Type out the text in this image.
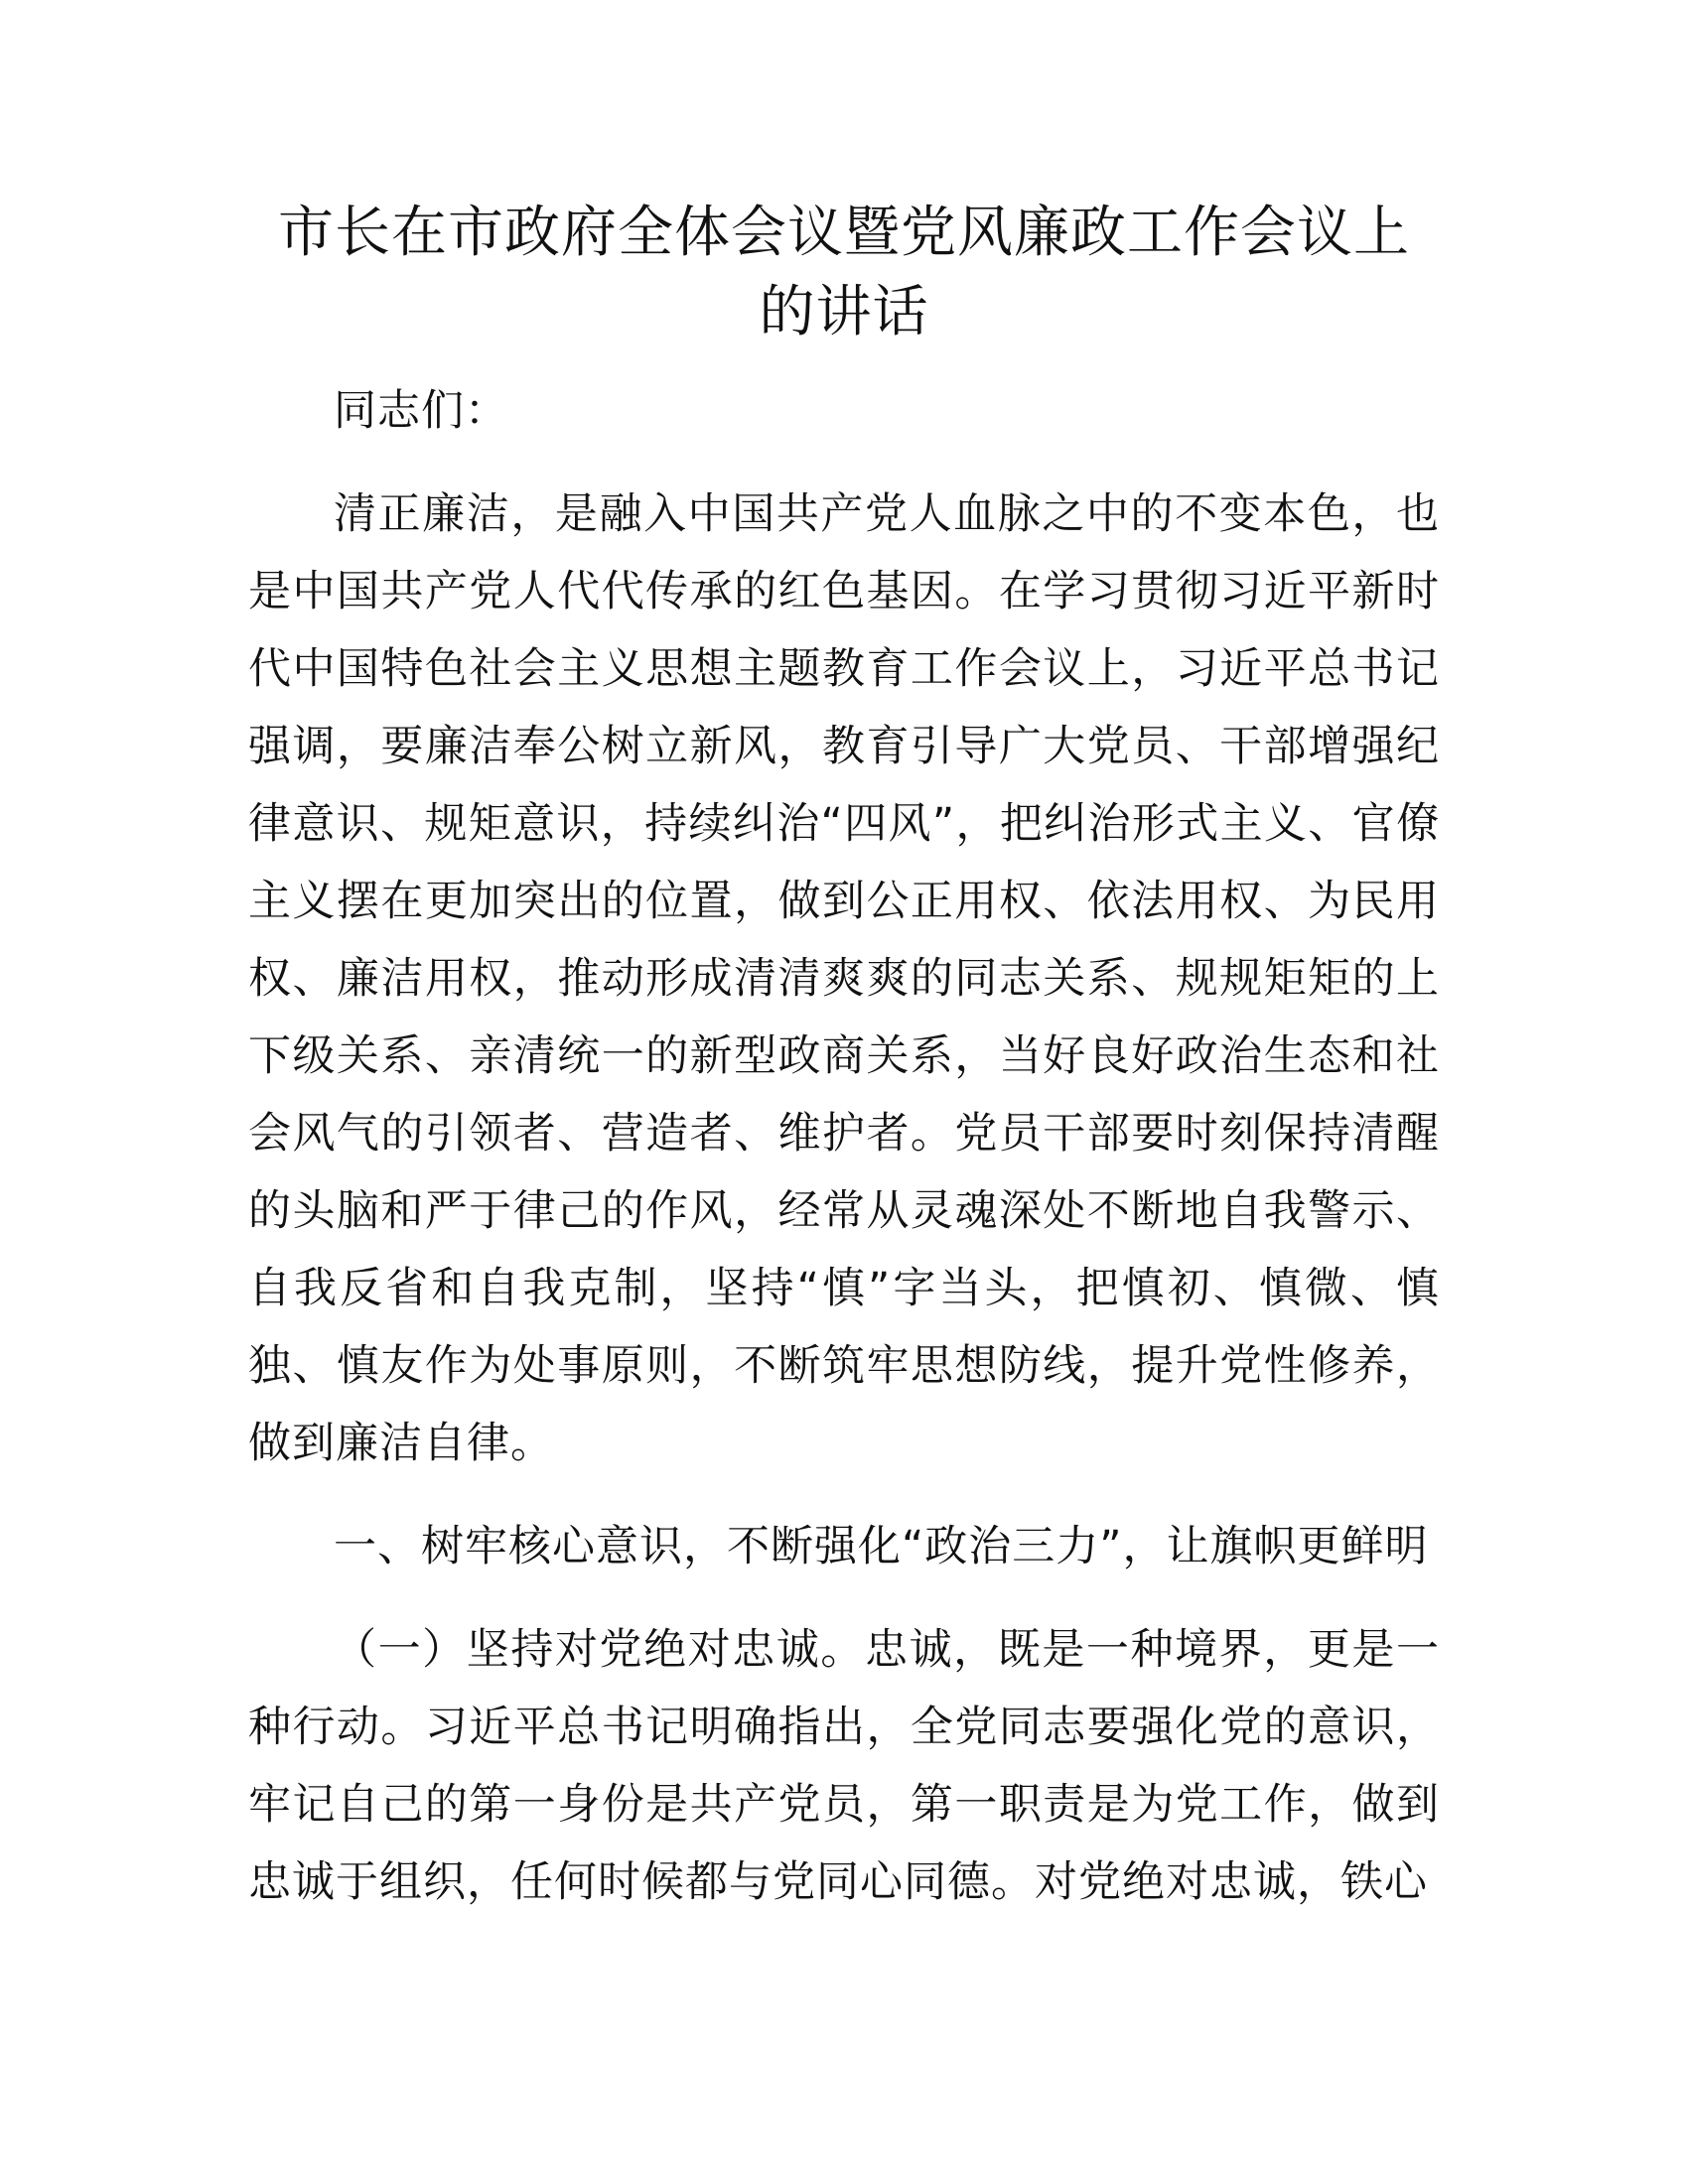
市长在市政府全体会议暨党风廉政工作会议上
的讲话

同志们：

清正廉洁，是融入中国共产党人血脉之中的不变本色，也是中国共产党人代代传承的红色基因。在学习贯彻习近平新时代中国特色社会主义思想主题教育工作会议上，习近平总书记强调，要廉洁奉公树立新风，教育引导广大党员、干部增强纪律意识、规矩意识，持续纠治“四风”，把纠治形式主义、官僚主义摆在更加突出的位置，做到公正用权、依法用权、为民用权、廉洁用权，推动形成清清爽爽的同志关系、规规矩矩的上下级关系、亲清统一的新型政商关系，当好良好政治生态和社会风气的引领者、营造者、维护者。党员干部要时刻保持清醒的头脑和严于律己的作风，经常从灵魂深处不断地自我警示、自我反省和自我克制，坚持“慎”字当头，把慎初、慎微、慎独、慎友作为处事原则，不断筑牢思想防线，提升党性修养，做到廉洁自律。

一、树牢核心意识，不断强化“政治三力”，让旗帜更鲜明

（一）坚持对党绝对忠诚。忠诚，既是一种境界，更是一种行动。习近平总书记明确指出，全党同志要强化党的意识，牢记自己的第一身份是共产党员，第一职责是为党工作，做到忠诚于组织，任何时候都与党同心同德。对党绝对忠诚，铁心
